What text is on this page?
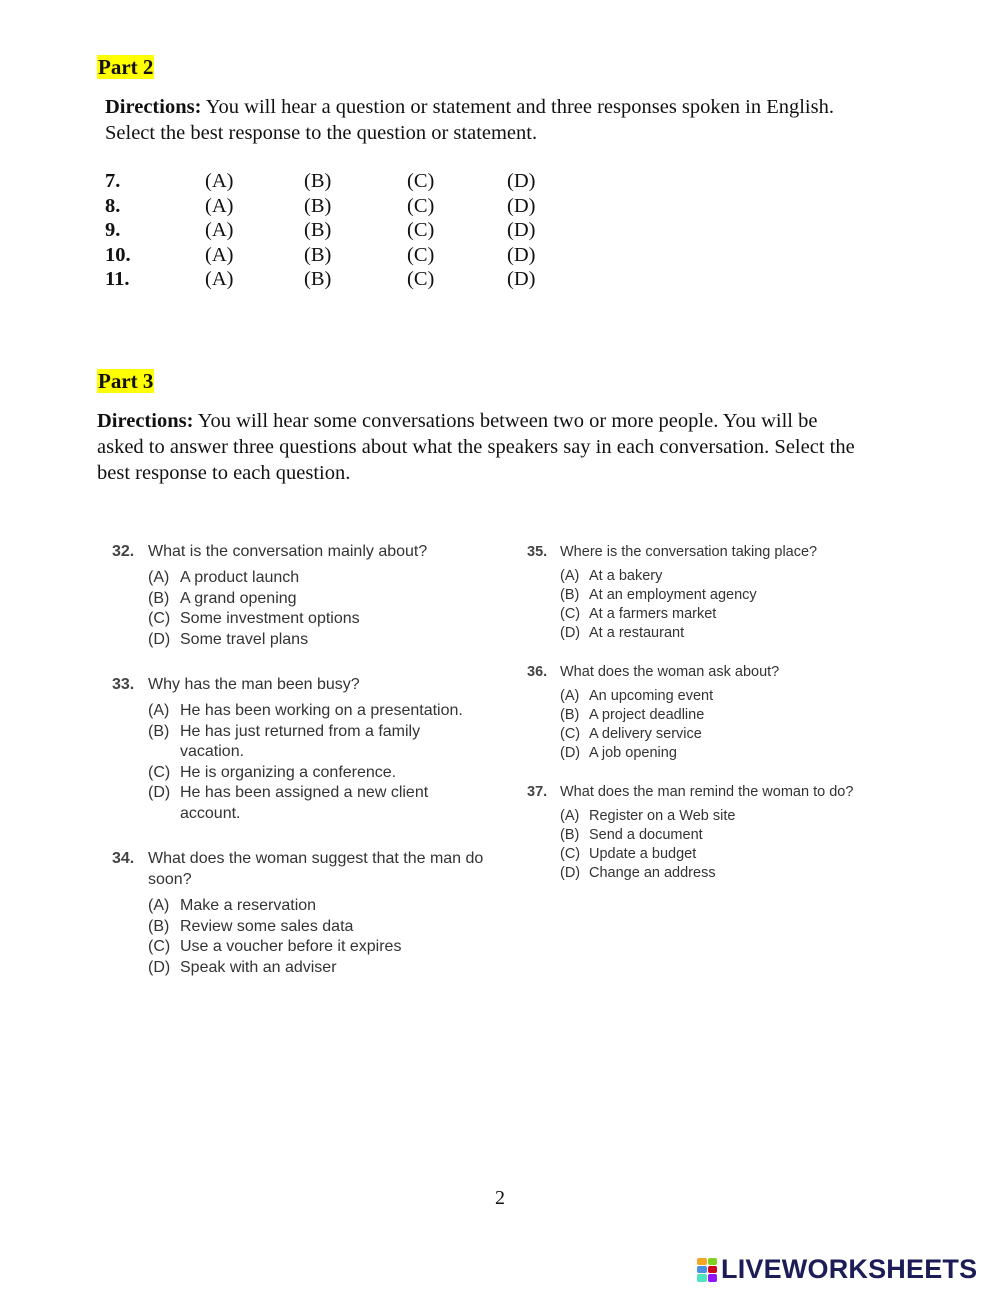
Part 2
Directions: You will hear a question or statement and three responses spoken in English.
Select the best response to the question or statement.
7.	(A)	(B)	(C)	(D)
8.	(A)	(B)	(C)	(D)
9.	(A)	(B)	(C)	(D)
10.	(A)	(B)	(C)	(D)
11.	(A)	(B)	(C)	(D)
Part 3
Directions: You will hear some conversations between two or more people. You will be
asked to answer three questions about what the speakers say in each conversation. Select the
best response to each question.
32. What is the conversation mainly about?
(A) A product launch
(B) A grand opening
(C) Some investment options
(D) Some travel plans
33. Why has the man been busy?
(A) He has been working on a presentation.
(B) He has just returned from a family vacation.
(C) He is organizing a conference.
(D) He has been assigned a new client account.
34. What does the woman suggest that the man do soon?
(A) Make a reservation
(B) Review some sales data
(C) Use a voucher before it expires
(D) Speak with an adviser
35. Where is the conversation taking place?
(A) At a bakery
(B) At an employment agency
(C) At a farmers market
(D) At a restaurant
36. What does the woman ask about?
(A) An upcoming event
(B) A project deadline
(C) A delivery service
(D) A job opening
37. What does the man remind the woman to do?
(A) Register on a Web site
(B) Send a document
(C) Update a budget
(D) Change an address
2
LIVEWORKSHEETS
